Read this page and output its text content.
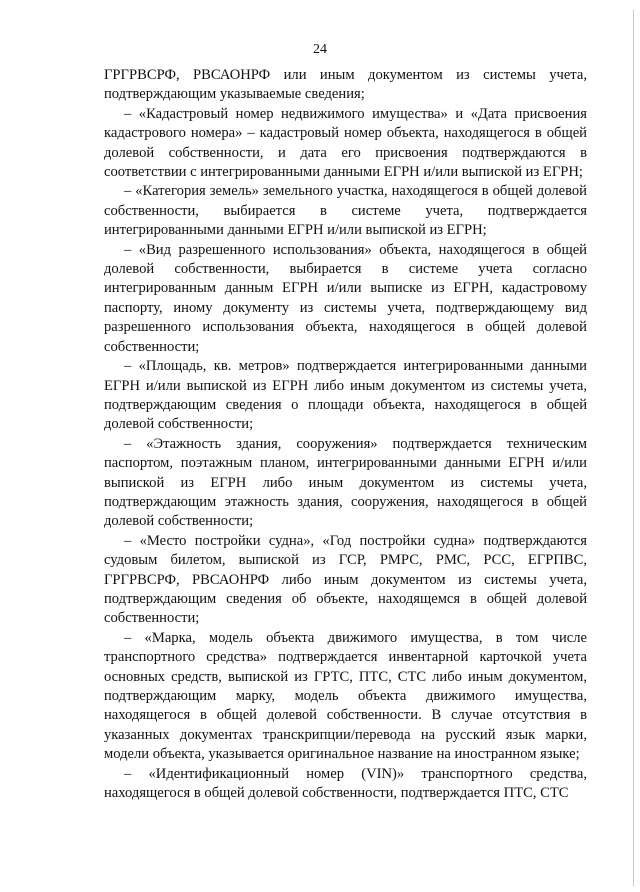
24

ГРГРВСРФ, РВСАОНРФ или иным документом из системы учета, подтверждающим указываемые сведения;

– «Кадастровый номер недвижимого имущества» и «Дата присвоения кадастрового номера» – кадастровый номер объекта, находящегося в общей долевой собственности, и дата его присвоения подтверждаются в соответствии с интегрированными данными ЕГРН и/или выпиской из ЕГРН;

– «Категория земель» земельного участка, находящегося в общей долевой собственности, выбирается в системе учета, подтверждается интегрированными данными ЕГРН и/или выпиской из ЕГРН;

– «Вид разрешенного использования» объекта, находящегося в общей долевой собственности, выбирается в системе учета согласно интегрированным данным ЕГРН и/или выписке из ЕГРН, кадастровому паспорту, иному документу из системы учета, подтверждающему вид разрешенного использования объекта, находящегося в общей долевой собственности;

– «Площадь, кв. метров» подтверждается интегрированными данными ЕГРН и/или выпиской из ЕГРН либо иным документом из системы учета, подтверждающим сведения о площади объекта, находящегося в общей долевой собственности;

– «Этажность здания, сооружения» подтверждается техническим паспортом, поэтажным планом, интегрированными данными ЕГРН и/или выпиской из ЕГРН либо иным документом из системы учета, подтверждающим этажность здания, сооружения, находящегося в общей долевой собственности;

– «Место постройки судна», «Год постройки судна» подтверждаются судовым билетом, выпиской из ГСР, РМРС, РМС, РСС, ЕГРПВС, ГРГРВСРФ, РВСАОНРФ либо иным документом из системы учета, подтверждающим сведения об объекте, находящемся в общей долевой собственности;

– «Марка, модель объекта движимого имущества, в том числе транспортного средства» подтверждается инвентарной карточкой учета основных средств, выпиской из ГРТС, ПТС, СТС либо иным документом, подтверждающим марку, модель объекта движимого имущества, находящегося в общей долевой собственности. В случае отсутствия в указанных документах транскрипции/перевода на русский язык марки, модели объекта, указывается оригинальное название на иностранном языке;

– «Идентификационный номер (VIN)» транспортного средства, находящегося в общей долевой собственности, подтверждается ПТС, СТС
